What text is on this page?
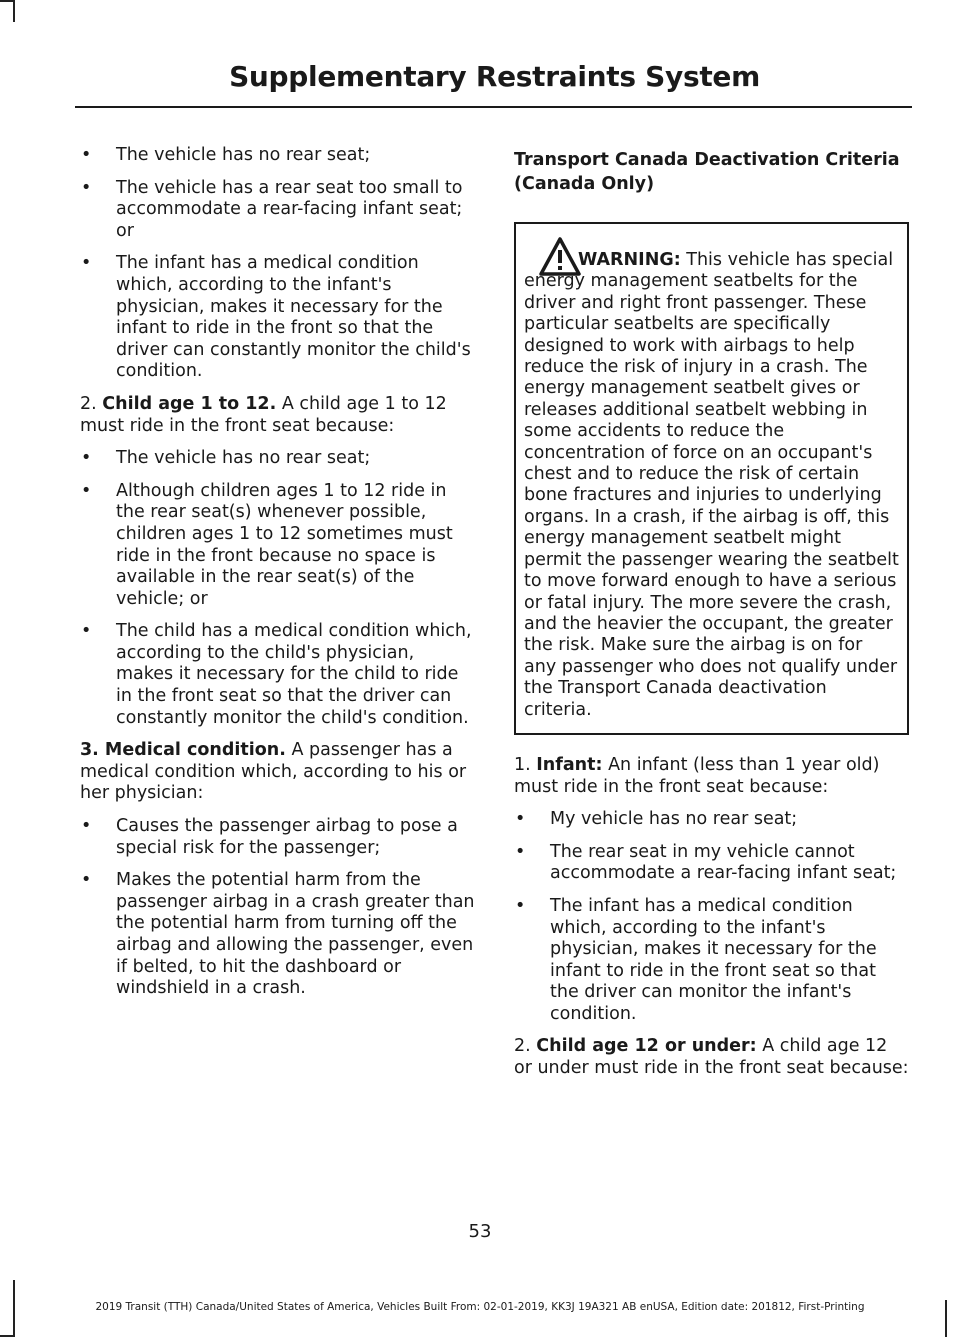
Supplementary Restraints System
• The vehicle has no rear seat;
• The vehicle has a rear seat too small to accommodate a rear-facing infant seat; or
• The infant has a medical condition which, according to the infant's physician, makes it necessary for the infant to ride in the front so that the driver can constantly monitor the child's condition.

2. Child age 1 to 12. A child age 1 to 12 must ride in the front seat because:

• The vehicle has no rear seat;
• Although children ages 1 to 12 ride in the rear seat(s) whenever possible, children ages 1 to 12 sometimes must ride in the front because no space is available in the rear seat(s) of the vehicle; or
• The child has a medical condition which, according to the child's physician, makes it necessary for the child to ride in the front seat so that the driver can constantly monitor the child's condition.

3. Medical condition. A passenger has a medical condition which, according to his or her physician:

• Causes the passenger airbag to pose a special risk for the passenger;
• Makes the potential harm from the passenger airbag in a crash greater than the potential harm from turning off the airbag and allowing the passenger, even if belted, to hit the dashboard or windshield in a crash.
Transport Canada Deactivation Criteria (Canada Only)
WARNING: This vehicle has special energy management seatbelts for the driver and right front passenger. These particular seatbelts are specifically designed to work with airbags to help reduce the risk of injury in a crash. The energy management seatbelt gives or releases additional seatbelt webbing in some accidents to reduce the concentration of force on an occupant's chest and to reduce the risk of certain bone fractures and injuries to underlying organs. In a crash, if the airbag is off, this energy management seatbelt might permit the passenger wearing the seatbelt to move forward enough to have a serious or fatal injury. The more severe the crash, and the heavier the occupant, the greater the risk. Make sure the airbag is on for any passenger who does not qualify under the Transport Canada deactivation criteria.

1. Infant: An infant (less than 1 year old) must ride in the front seat because:

• My vehicle has no rear seat;
• The rear seat in my vehicle cannot accommodate a rear-facing infant seat;
• The infant has a medical condition which, according to the infant's physician, makes it necessary for the infant to ride in the front seat so that the driver can monitor the infant's condition.

2. Child age 12 or under: A child age 12 or under must ride in the front seat because:

53
2019 Transit (TTH) Canada/United States of America, Vehicles Built From: 02-01-2019, KK3J 19A321 AB enUSA, Edition date: 201812, First-Printing
